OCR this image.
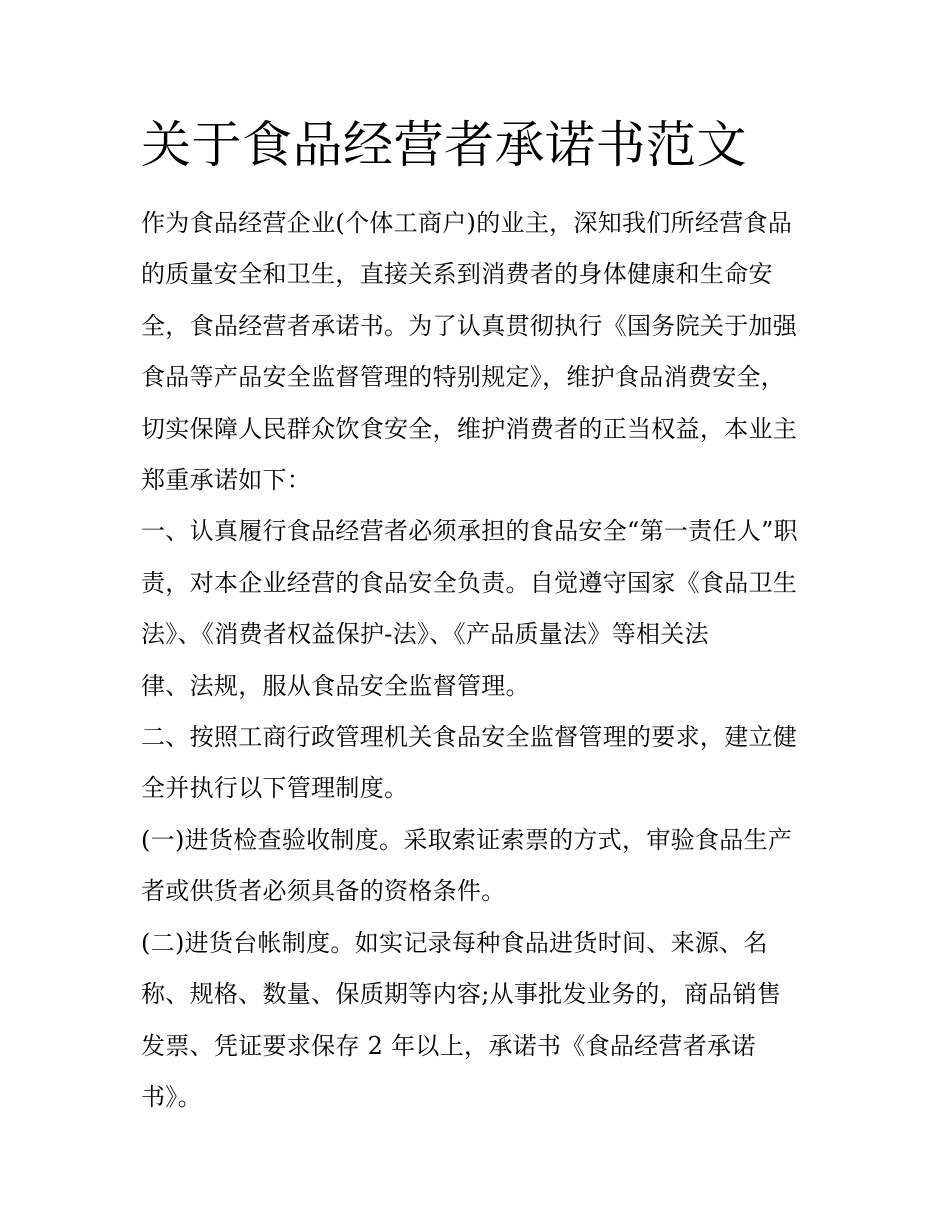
关于食品经营者承诺书范文
作为食品经营企业(个体工商户)的业主，深知我们所经营食品
的质量安全和卫生，直接关系到消费者的身体健康和生命安
全，食品经营者承诺书。为了认真贯彻执行《国务院关于加强
食品等产品安全监督管理的特别规定》，维护食品消费安全，
切实保障人民群众饮食安全，维护消费者的正当权益，本业主
郑重承诺如下：
一、认真履行食品经营者必须承担的食品安全“第一责任人”职
责，对本企业经营的食品安全负责。自觉遵守国家《食品卫生
法》、《消费者权益保护-法》、《产品质量法》等相关法
律、法规，服从食品安全监督管理。
二、按照工商行政管理机关食品安全监督管理的要求，建立健
全并执行以下管理制度。
(一)进货检查验收制度。采取索证索票的方式，审验食品生产
者或供货者必须具备的资格条件。
(二)进货台帐制度。如实记录每种食品进货时间、来源、名
称、规格、数量、保质期等内容;从事批发业务的，商品销售
发票、凭证要求保存 2 年以上，承诺书《食品经营者承诺
书》。
